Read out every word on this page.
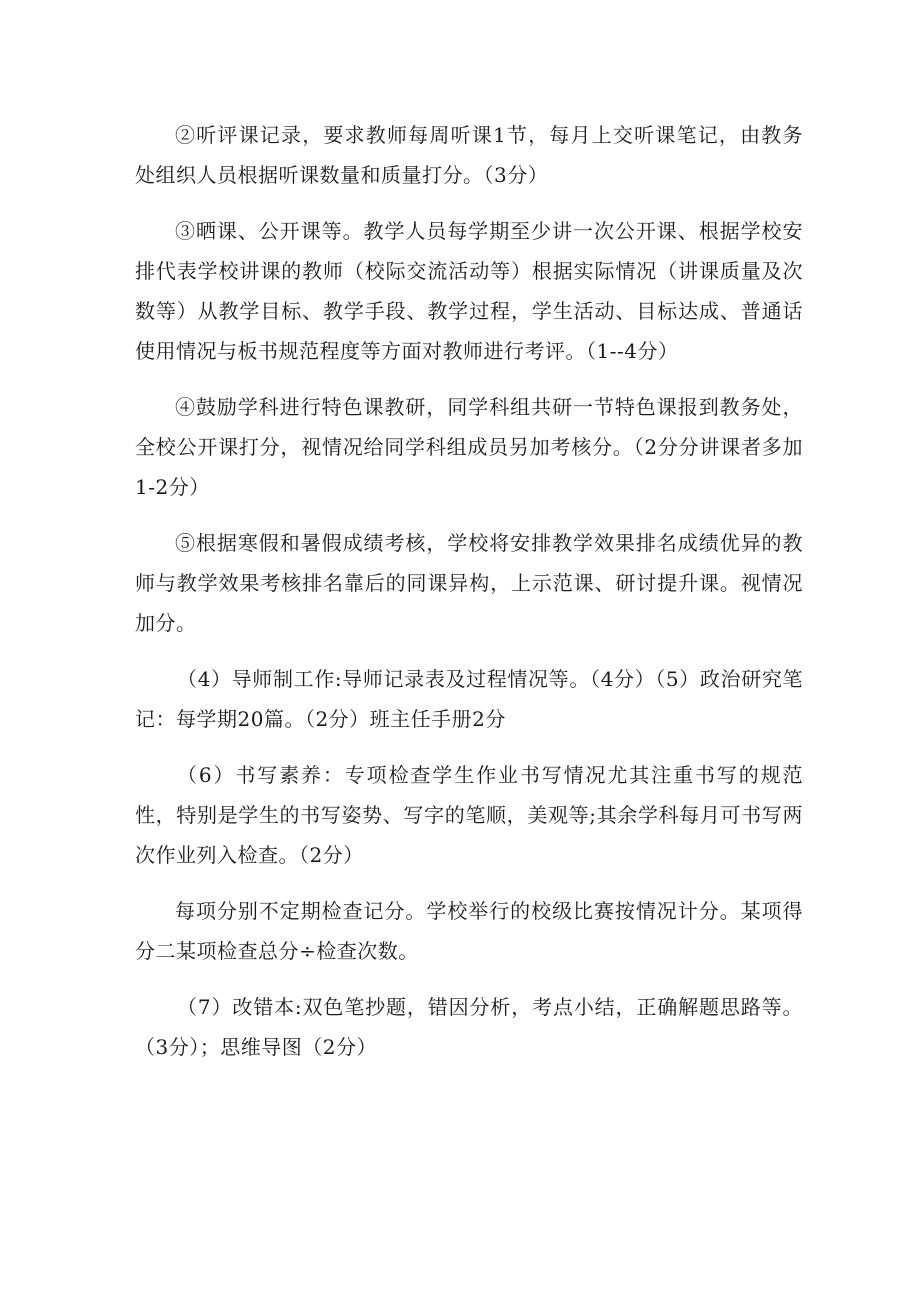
②听评课记录，要求教师每周听课1节，每月上交听课笔记，由教务处组织人员根据听课数量和质量打分。（3分）

③晒课、公开课等。教学人员每学期至少讲一次公开课、根据学校安排代表学校讲课的教师（校际交流活动等）根据实际情况（讲课质量及次数等）从教学目标、教学手段、教学过程，学生活动、目标达成、普通话使用情况与板书规范程度等方面对教师进行考评。（1--4分）

④鼓励学科进行特色课教研，同学科组共研一节特色课报到教务处，全校公开课打分，视情况给同学科组成员另加考核分。（2分分讲课者多加1-2分）

⑤根据寒假和暑假成绩考核，学校将安排教学效果排名成绩优异的教师与教学效果考核排名靠后的同课异构，上示范课、研讨提升课。视情况加分。

（4）导师制工作:导师记录表及过程情况等。（4分）（5）政治研究笔记：每学期20篇。（2分）班主任手册2分

（6）书写素养：专项检查学生作业书写情况尤其注重书写的规范性，特别是学生的书写姿势、写字的笔顺，美观等;其余学科每月可书写两次作业列入检查。（2分）

每项分别不定期检查记分。学校举行的校级比赛按情况计分。某项得分二某项检查总分÷检查次数。

（7）改错本:双色笔抄题，错因分析，考点小结，正确解题思路等。（3分）；思维导图（2分）
